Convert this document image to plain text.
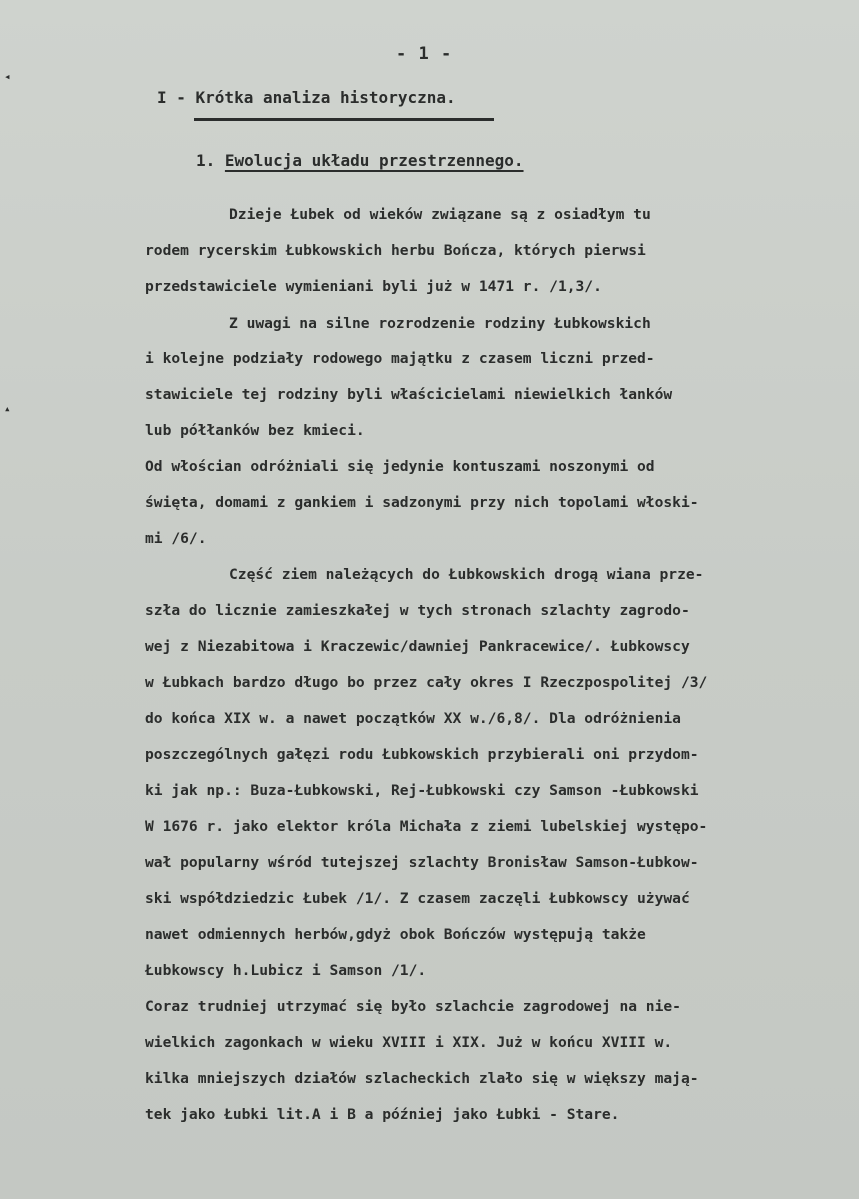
◂
▴
- 1 -
I - Krótka analiza historyczna.
1. Ewolucja układu przestrzennego.
Dzieje Łubek od wieków związane są z osiadłym tu
rodem rycerskim Łubkowskich herbu Bończa, których pierwsi
przedstawiciele wymieniani byli już w 1471 r. /1,3/.
Z uwagi na silne rozrodzenie rodziny Łubkowskich
i kolejne podziały rodowego majątku z czasem liczni przed-
stawiciele tej rodziny byli właścicielami niewielkich łanków
lub półłanków bez kmieci.
Od włościan odróżniali się jedynie kontuszami noszonymi od
święta, domami z gankiem i sadzonymi przy nich topolami włoski-
mi /6/.
Część ziem należących do Łubkowskich drogą wiana prze-
szła do licznie zamieszkałej w tych stronach szlachty zagrodo-
wej z Niezabitowa i Kraczewic/dawniej Pankracewice/. Łubkowscy
w Łubkach bardzo długo bo przez cały okres I Rzeczpospolitej /3/
do końca XIX w. a nawet początków XX w./6,8/. Dla odróżnienia
poszczególnych gałęzi rodu Łubkowskich przybierali oni przydom-
ki jak np.: Buza-Łubkowski, Rej-Łubkowski czy Samson -Łubkowski
W 1676 r. jako elektor króla Michała z ziemi lubelskiej występo-
wał popularny wśród tutejszej szlachty Bronisław Samson-Łubkow-
ski współdziedzic Łubek /1/. Z czasem zaczęli Łubkowscy używać
nawet odmiennych herbów,gdyż obok Bończów występują także
Łubkowscy h.Lubicz i Samson /1/.
Coraz trudniej utrzymać się było szlachcie zagrodowej na nie-
wielkich zagonkach w wieku XVIII i XIX. Już w końcu XVIII w.
kilka mniejszych działów szlacheckich zlało się w większy mają-
tek jako Łubki lit.A i B a później jako Łubki - Stare.
